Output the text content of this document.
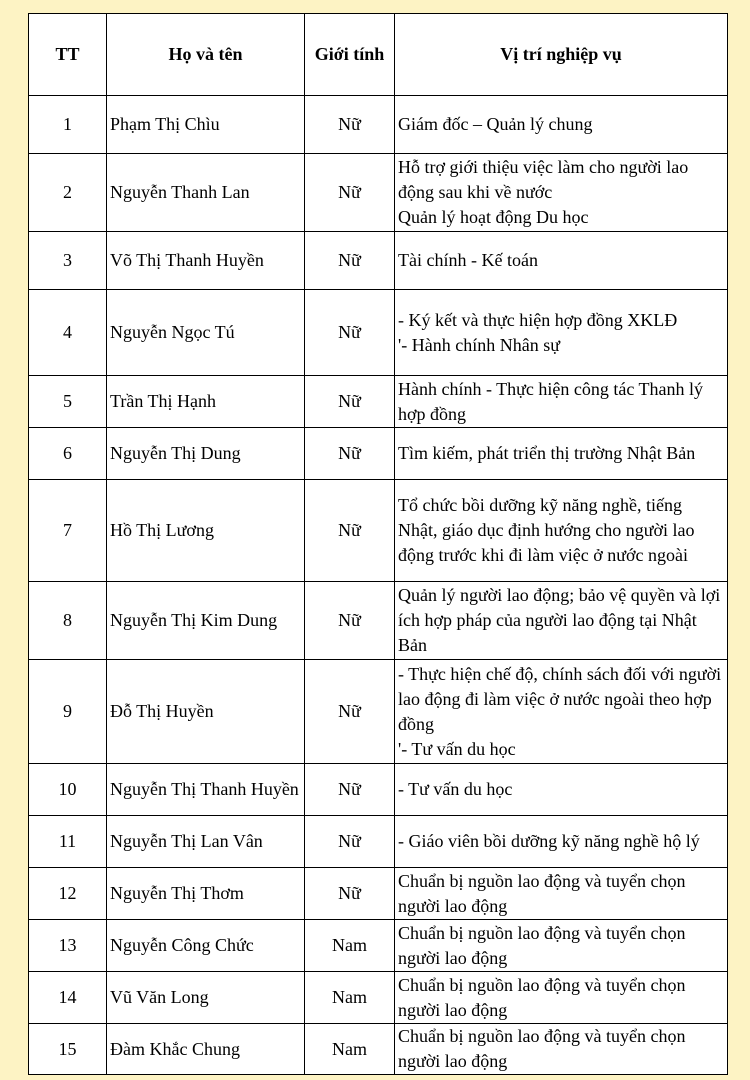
TT	Họ và tên	Giới tính	Vị trí nghiệp vụ
1	Phạm Thị Chìu	Nữ	Giám đốc – Quản lý chung
2	Nguyễn Thanh Lan	Nữ	Hỗ trợ giới thiệu việc làm cho người lao động sau khi về nước
Quản lý hoạt động Du học
3	Võ Thị Thanh Huyền	Nữ	Tài chính - Kế toán
4	Nguyễn Ngọc Tú	Nữ	- Ký kết và thực hiện hợp đồng XKLĐ
'- Hành chính Nhân sự
5	Trần Thị Hạnh	Nữ	Hành chính - Thực hiện công tác Thanh lý hợp đồng
6	Nguyễn Thị Dung	Nữ	Tìm kiếm, phát triển thị trường Nhật Bản
7	Hồ Thị Lương	Nữ	Tổ chức bồi dưỡng kỹ năng nghề, tiếng Nhật, giáo dục định hướng cho người lao động trước khi đi làm việc ở nước ngoài
8	Nguyễn Thị Kim Dung	Nữ	Quản lý người lao động; bảo vệ quyền và lợi ích hợp pháp của người lao động tại Nhật Bản
9	Đỗ Thị Huyền	Nữ	- Thực hiện chế độ, chính sách đối với người lao động đi làm việc ở nước ngoài theo hợp đồng
'- Tư vấn du học
10	Nguyễn Thị Thanh Huyền	Nữ	- Tư vấn du học
11	Nguyễn Thị Lan Vân	Nữ	- Giáo viên bồi dưỡng kỹ năng nghề hộ lý
12	Nguyễn Thị Thơm	Nữ	Chuẩn bị nguồn lao động và tuyển chọn người lao động
13	Nguyễn Công Chức	Nam	Chuẩn bị nguồn lao động và tuyển chọn người lao động
14	Vũ Văn Long	Nam	Chuẩn bị nguồn lao động và tuyển chọn người lao động
15	Đàm Khắc Chung	Nam	Chuẩn bị nguồn lao động và tuyển chọn người lao động
